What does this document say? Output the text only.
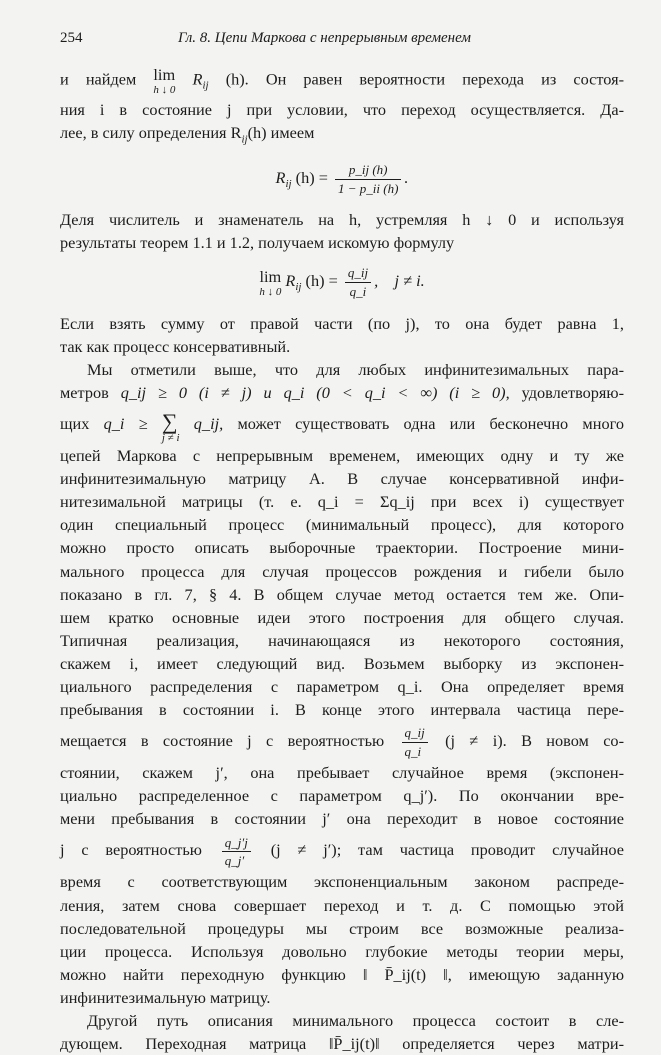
254	Гл. 8. Цепи Маркова с непрерывным временем

и найдем lim
h ↓ 0
$R_{ij}$ (h). Он равен вероятности перехода из состоя-
ния i в состояние j при условии, что переход осуществляется. Да-
лее, в силу определения $R_{ij}(h)$ имеем

$R_{ij}$ $(h) = \frac{p\_ij (h)}{1 - p\_ii (h)}$ .

Деля числитель и знаменатель на h, устремляя h ↓ 0 и используя
результаты теорем 1.1 и 1.2, получаем искомую формулу

lim
h ↓ 0
$R_{ij}$ $(h) = \frac{q\_ij}{q\_i}$ ,    j ≠ i.

Если взять сумму от правой части (по j), то она будет равна 1,
так как процесс консервативный.

Мы отметили выше, что для любых инфинитезимальных пара-
метров q_ij ≥ 0 (i ≠ j) и q_i (0 < q_i < ∞) (i ≥ 0), удовлетворяю-
щих q_i ≥ ∑
j ≠ i
q_ij, может существовать одна или бесконечно много
цепей Маркова с непрерывным временем, имеющих одну и ту же
инфинитезимальную матрицу A. В случае консервативной инфи-
нитезимальной матрицы (т. е. q_i = Σq_ij при всех i) существует
один специальный процесс (минимальный процесс), для которого
можно просто описать выборочные траектории. Построение мини-
мального процесса для случая процессов рождения и гибели было
показано в гл. 7, § 4. В общем случае метод остается тем же. Опи-
шем кратко основные идеи этого построения для общего случая.
Типичная реализация, начинающаяся из некоторого состояния,
скажем i, имеет следующий вид. Возьмем выборку из экспонен-
циального распределения с параметром q_i. Она определяет время
пребывания в состоянии i. В конце этого интервала частица пере-
мещается в состояние j с вероятностью $\frac{q\_ij}{q\_i} (j \ne i)$. В новом со-
стоянии, скажем j′, она пребывает случайное время (экспонен-
циально распределенное с параметром q_j′). По окончании вре-
мени пребывания в состоянии j′ она переходит в новое состояние
j с вероятностью $\frac{q\_j'j}{q\_j'} (j \ne j')$; там частица проводит случайное
время с соответствующим экспоненциальным законом распреде-
ления, затем снова совершает переход и т. д. С помощью этой
последовательной процедуры мы строим все возможные реализа-
ции процесса. Используя довольно глубокие методы теории меры,
можно найти переходную функцию ‖ P̄_ij(t) ‖, имеющую заданную
инфинитезимальную матрицу.

Другой путь описания минимального процесса состоит в сле-
дующем. Переходная матрица ‖P̄_ij(t)‖ определяется через матри-
